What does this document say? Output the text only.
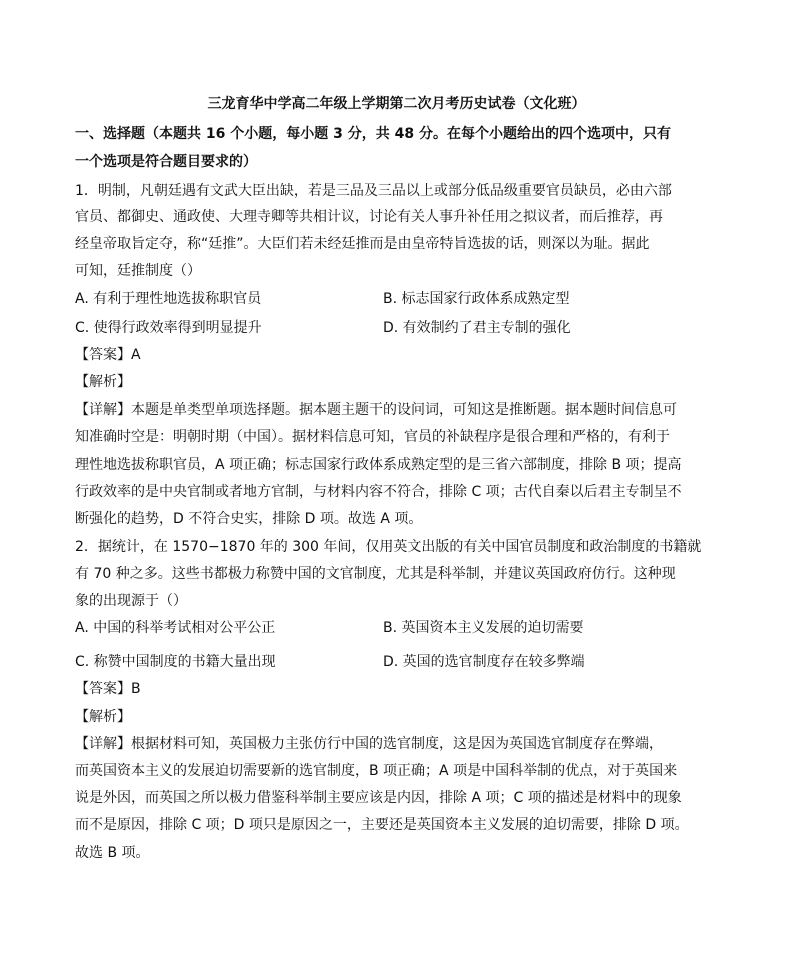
三龙育华中学高二年级上学期第二次月考历史试卷（文化班）
一、选择题（本题共 16 个小题，每小题 3 分，共 48 分。在每个小题给出的四个选项中，只有
一个选项是符合题目要求的）
1．明制，凡朝廷遇有文武大臣出缺，若是三品及三品以上或部分低品级重要官员缺员，必由六部
官员、都御史、通政使、大理寺卿等共相计议，讨论有关人事升补任用之拟议者，而后推荐，再
经皇帝取旨定夺，称“廷推”。大臣们若未经廷推而是由皇帝特旨选拔的话，则深以为耻。据此
可知，廷推制度（）
A. 有利于理性地选拔称职官员	B. 标志国家行政体系成熟定型
C. 使得行政效率得到明显提升	D. 有效制约了君主专制的强化
【答案】A
【解析】
【详解】本题是单类型单项选择题。据本题主题干的设问词，可知这是推断题。据本题时间信息可
知准确时空是：明朝时期（中国）。据材料信息可知，官员的补缺程序是很合理和严格的，有利于
理性地选拔称职官员，A 项正确；标志国家行政体系成熟定型的是三省六部制度，排除 B 项；提高
行政效率的是中央官制或者地方官制，与材料内容不符合，排除 C 项；古代自秦以后君主专制呈不
断强化的趋势，D 不符合史实，排除 D 项。故选 A 项。
2．据统计，在 1570−1870 年的 300 年间，仅用英文出版的有关中国官员制度和政治制度的书籍就
有 70 种之多。这些书都极力称赞中国的文官制度，尤其是科举制，并建议英国政府仿行。这种现
象的出现源于（）
A. 中国的科举考试相对公平公正	B. 英国资本主义发展的迫切需要
C. 称赞中国制度的书籍大量出现	D. 英国的选官制度存在较多弊端
【答案】B
【解析】
【详解】根据材料可知，英国极力主张仿行中国的选官制度，这是因为英国选官制度存在弊端，
而英国资本主义的发展迫切需要新的选官制度，B 项正确；A 项是中国科举制的优点，对于英国来
说是外因，而英国之所以极力借鉴科举制主要应该是内因，排除 A 项；C 项的描述是材料中的现象
而不是原因，排除 C 项；D 项只是原因之一，主要还是英国资本主义发展的迫切需要，排除 D 项。
故选 B 项。
